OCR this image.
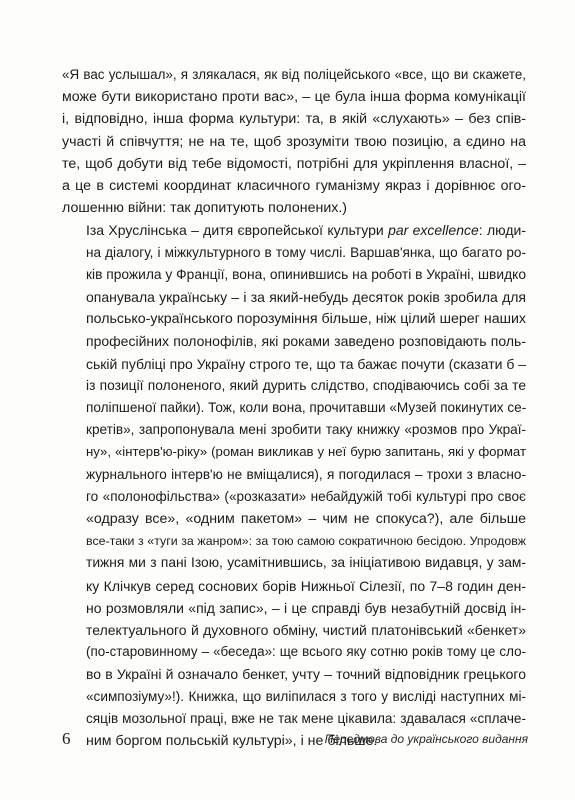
«Я вас услышал», я злякалася, як від поліцейського «все, що ви скажете,
може бути використано проти вас», – це була інша форма комунікації
і, відповідно, інша форма культури: та, в якій «слухають» – без спів-
участі й співчуття; не на те, щоб зрозуміти твою позицію, а єдино на
те, щоб добути від тебе відомості, потрібні для укріплення власної, –
а це в системі координат класичного гуманізму якраз і дорівнює ого-
лошенню війни: так допитують полонених.)

Іза Хруслінська – дитя європейської культури par excellence: люди-
на діалогу, і міжкультурного в тому числі. Варшав'янка, що багато ро-
ків прожила у Франції, вона, опинившись на роботі в Україні, швидко
опанувала українську – і за який-небудь десяток років зробила для
польсько-українського порозуміння більше, ніж цілий шерег наших
професійних полонофілів, які роками заведено розповідають поль-
ській публіці про Україну строго те, що та бажає почути (сказати б –
із позиції полоненого, який дурить слідство, сподіваючись собі за те
поліпшеної пайки). Тож, коли вона, прочитавши «Музей покинутих се-
кретів», запропонувала мені зробити таку книжку «розмов про Украї-
ну», «інтерв'ю-ріку» (роман викликав у неї бурю запитань, які у формат
журнального інтерв'ю не вміщалися), я погодилася – трохи з власно-
го «полонофільства» («розказати» небайдужій тобі культурі про своє
«одразу все», «одним пакетом» – чим не спокуса?), але більше
все-таки з «туги за жанром»: за тою самою сократичною бесідою. Упродовж
тижня ми з пані Ізою, усамітнившись, за ініціативою видавця, у зам-
ку Клічкув серед соснових борів Нижньої Сілезії, по 7–8 годин ден-
но розмовляли «під запис», – і це справді був незабутній досвід ін-
телектуального й духовного обміну, чистий платонівський «бенкет»
(по-старовинному – «беседа»: ще всього яку сотню років тому це сло-
во в Україні й означало бенкет, учту – точний відповідник грецького
«симпозіуму»!). Книжка, що виліпилася з того у висліді наступних мі-
сяців мозольної праці, вже не так мене цікавила: здавалася «сплаче-
ним боргом польській культурі», і не більше.

6	Передмова до українського видання
